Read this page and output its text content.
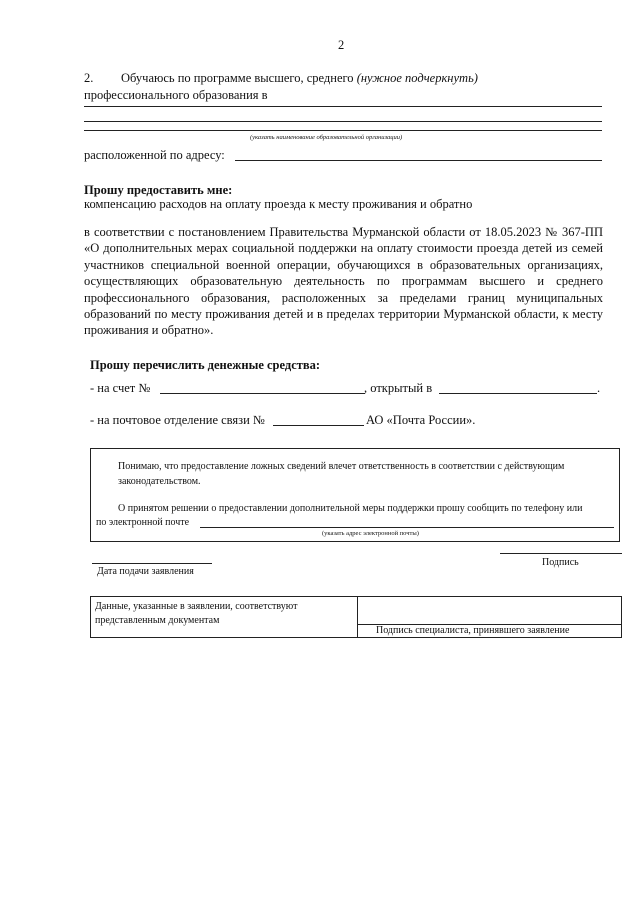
2
2. Обучаюсь по программе высшего, среднего (нужное подчеркнуть)
профессионального образования в
(указать наименование образовательной организации)
расположенной по адресу:
Прошу предоставить мне:
компенсацию расходов на оплату проезда к месту проживания и обратно
в соответствии с постановлением Правительства Мурманской области от 18.05.2023 № 367-ПП «О дополнительных мерах социальной поддержки на оплату стоимости проезда детей из семей участников специальной военной операции, обучающихся в образовательных организациях, осуществляющих образовательную деятельность по программам высшего и среднего профессионального образования, расположенных за пределами границ муниципальных образований по месту проживания детей и в пределах территории Мурманской области, к месту проживания и обратно».
Прошу перечислить денежные средства:
- на счет №	, открытый в	.
- на почтовое отделение связи №	АО «Почта России».
Понимаю, что предоставление ложных сведений влечет ответственность в соответствии с действующим законодательством.
О принятом решении о предоставлении дополнительной меры поддержки прошу сообщить по телефону или
по электронной почте
(указать адрес электронной почты)
Дата подачи заявления
Подпись
Данные, указанные в заявлении, соответствуют
представленным документам
Подпись специалиста, принявшего заявление
